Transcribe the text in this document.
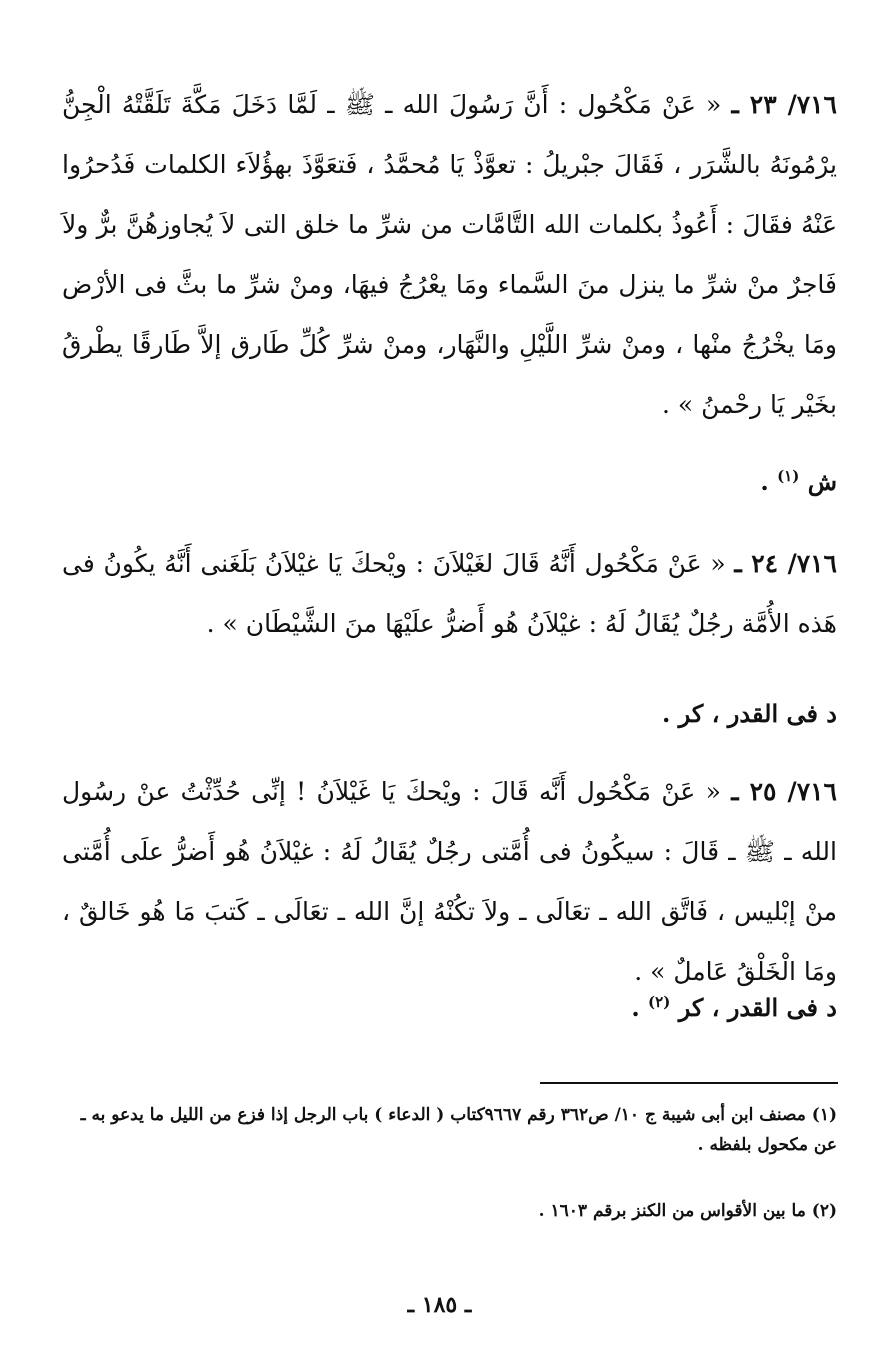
٧١٦/ ٢٣ ـ « عَنْ مَكْحُول : أَنَّ رَسُولَ الله ـ ﷺ ـ لَمَّا دَخَلَ مَكَّةَ تَلَقَّتْهُ الْجِنُّ يرْمُونَهُ بالشَّرَر ، فَقَالَ جبْريلُ : تعوَّذْ يَا مُحمَّدُ ، فَتعَوَّذَ بهؤُلاَء الكلمات فَدُحرُوا عَنْهُ فقَالَ : أَعُوذُ بكلمات الله التَّامَّات من شرِّ ما خلق التى لاَ يُجاوزهُنَّ برٌّ ولاَ فَاجرٌ منْ شرِّ ما ينزل منَ السَّماء ومَا يعْرُجُ فيهَا، ومنْ شرِّ ما بثَّ فى الأرْض ومَا يخْرُجُ منْها ، ومنْ شرِّ اللَّيْلِ والنَّهَار، ومنْ شرِّ كُلِّ طَارق إلاَّ طَارقًا يطْرقُ بخَيْر يَا رحْمنُ » .

ش $^{(١)}$ .

٧١٦/ ٢٤ ـ « عَنْ مَكْحُول أَنَّهُ قَالَ لغَيْلاَنَ : ويْحكَ يَا غيْلاَنُ بَلَغَنى أَنَّهُ يكُونُ فى هَذه الأُمَّة رجُلٌ يُقَالُ لَهُ : غيْلاَنُ هُو أَضرُّ علَيْهَا منَ الشَّيْطَان » .

د فى القدر ، كر .

٧١٦/ ٢٥ ـ « عَنْ مَكْحُول أَنَّه قَالَ : ويْحكَ يَا غَيْلاَنُ ! إنِّى حُدِّثْتُ عنْ رسُول الله ـ ﷺ ـ قَالَ : سيكُونُ فى أُمَّتى رجُلٌ يُقَالُ لَهُ : غيْلاَنُ هُو أَضرُّ علَى أُمَّتى منْ إبْليس ، فَاتَّق الله ـ تعَالَى ـ ولاَ تكُنْهُ إنَّ الله ـ تعَالَى ـ كَتبَ مَا هُو خَالقٌ ، ومَا الْخَلْقُ عَاملٌ » .

د فى القدر ، كر $^{(٢)}$ .
(١) مصنف ابن أبى شيبة ج ١٠/ ص٣٦٢ رقم ٩٦٦٧كتاب ( الدعاء ) باب الرجل إذا فزع من الليل ما يدعو به ـ عن مكحول بلفظه .
(٢) ما بين الأقواس من الكنز برقم ١٦٠٣ .
ـ ١٨٥ ـ
